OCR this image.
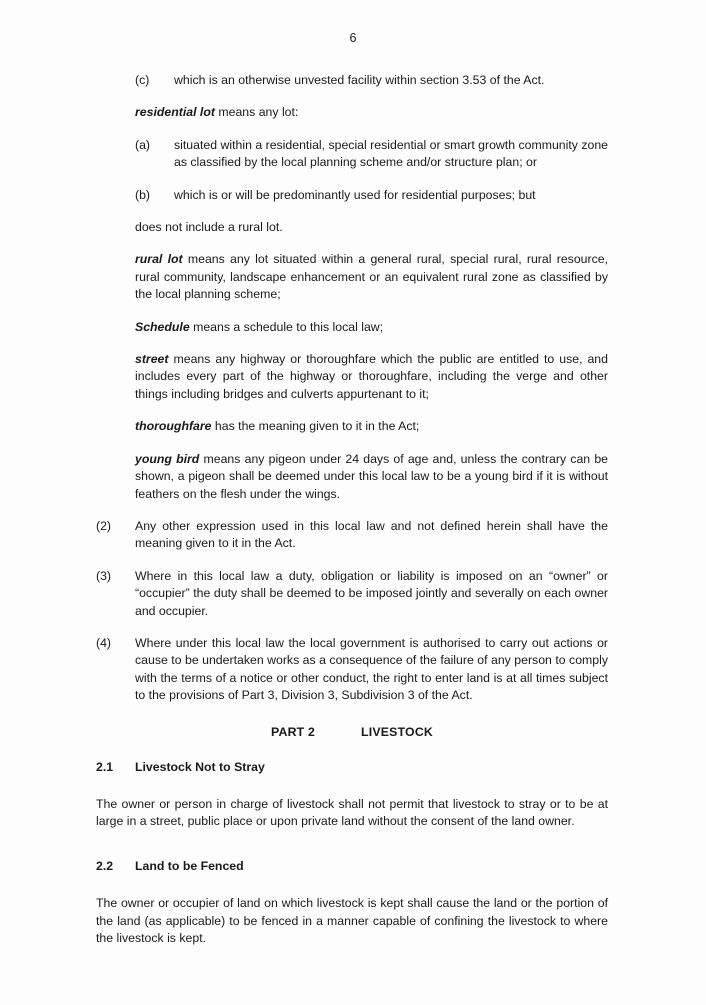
6
(c)	which is an otherwise unvested facility within section 3.53 of the Act.

residential lot means any lot:

(a)	situated within a residential, special residential or smart growth community zone as classified by the local planning scheme and/or structure plan; or
(b)	which is or will be predominantly used for residential purposes; but

does not include a rural lot.

rural lot means any lot situated within a general rural, special rural, rural resource, rural community, landscape enhancement or an equivalent rural zone as classified by the local planning scheme;

Schedule means a schedule to this local law;

street means any highway or thoroughfare which the public are entitled to use, and includes every part of the highway or thoroughfare, including the verge and other things including bridges and culverts appurtenant to it;

thoroughfare has the meaning given to it in the Act;

young bird means any pigeon under 24 days of age and, unless the contrary can be shown, a pigeon shall be deemed under this local law to be a young bird if it is without feathers on the flesh under the wings.

(2)	Any other expression used in this local law and not defined herein shall have the meaning given to it in the Act.
(3)	Where in this local law a duty, obligation or liability is imposed on an “owner” or “occupier” the duty shall be deemed to be imposed jointly and severally on each owner and occupier.
(4)	Where under this local law the local government is authorised to carry out actions or cause to be undertaken works as a consequence of the failure of any person to comply with the terms of a notice or other conduct, the right to enter land is at all times subject to the provisions of Part 3, Division 3, Subdivision 3 of the Act.
PART 2	LIVESTOCK
2.1	Livestock Not to Stray

The owner or person in charge of livestock shall not permit that livestock to stray or to be at large in a street, public place or upon private land without the consent of the land owner.

2.2	Land to be Fenced

The owner or occupier of land on which livestock is kept shall cause the land or the portion of the land (as applicable) to be fenced in a manner capable of confining the livestock to where the livestock is kept.
